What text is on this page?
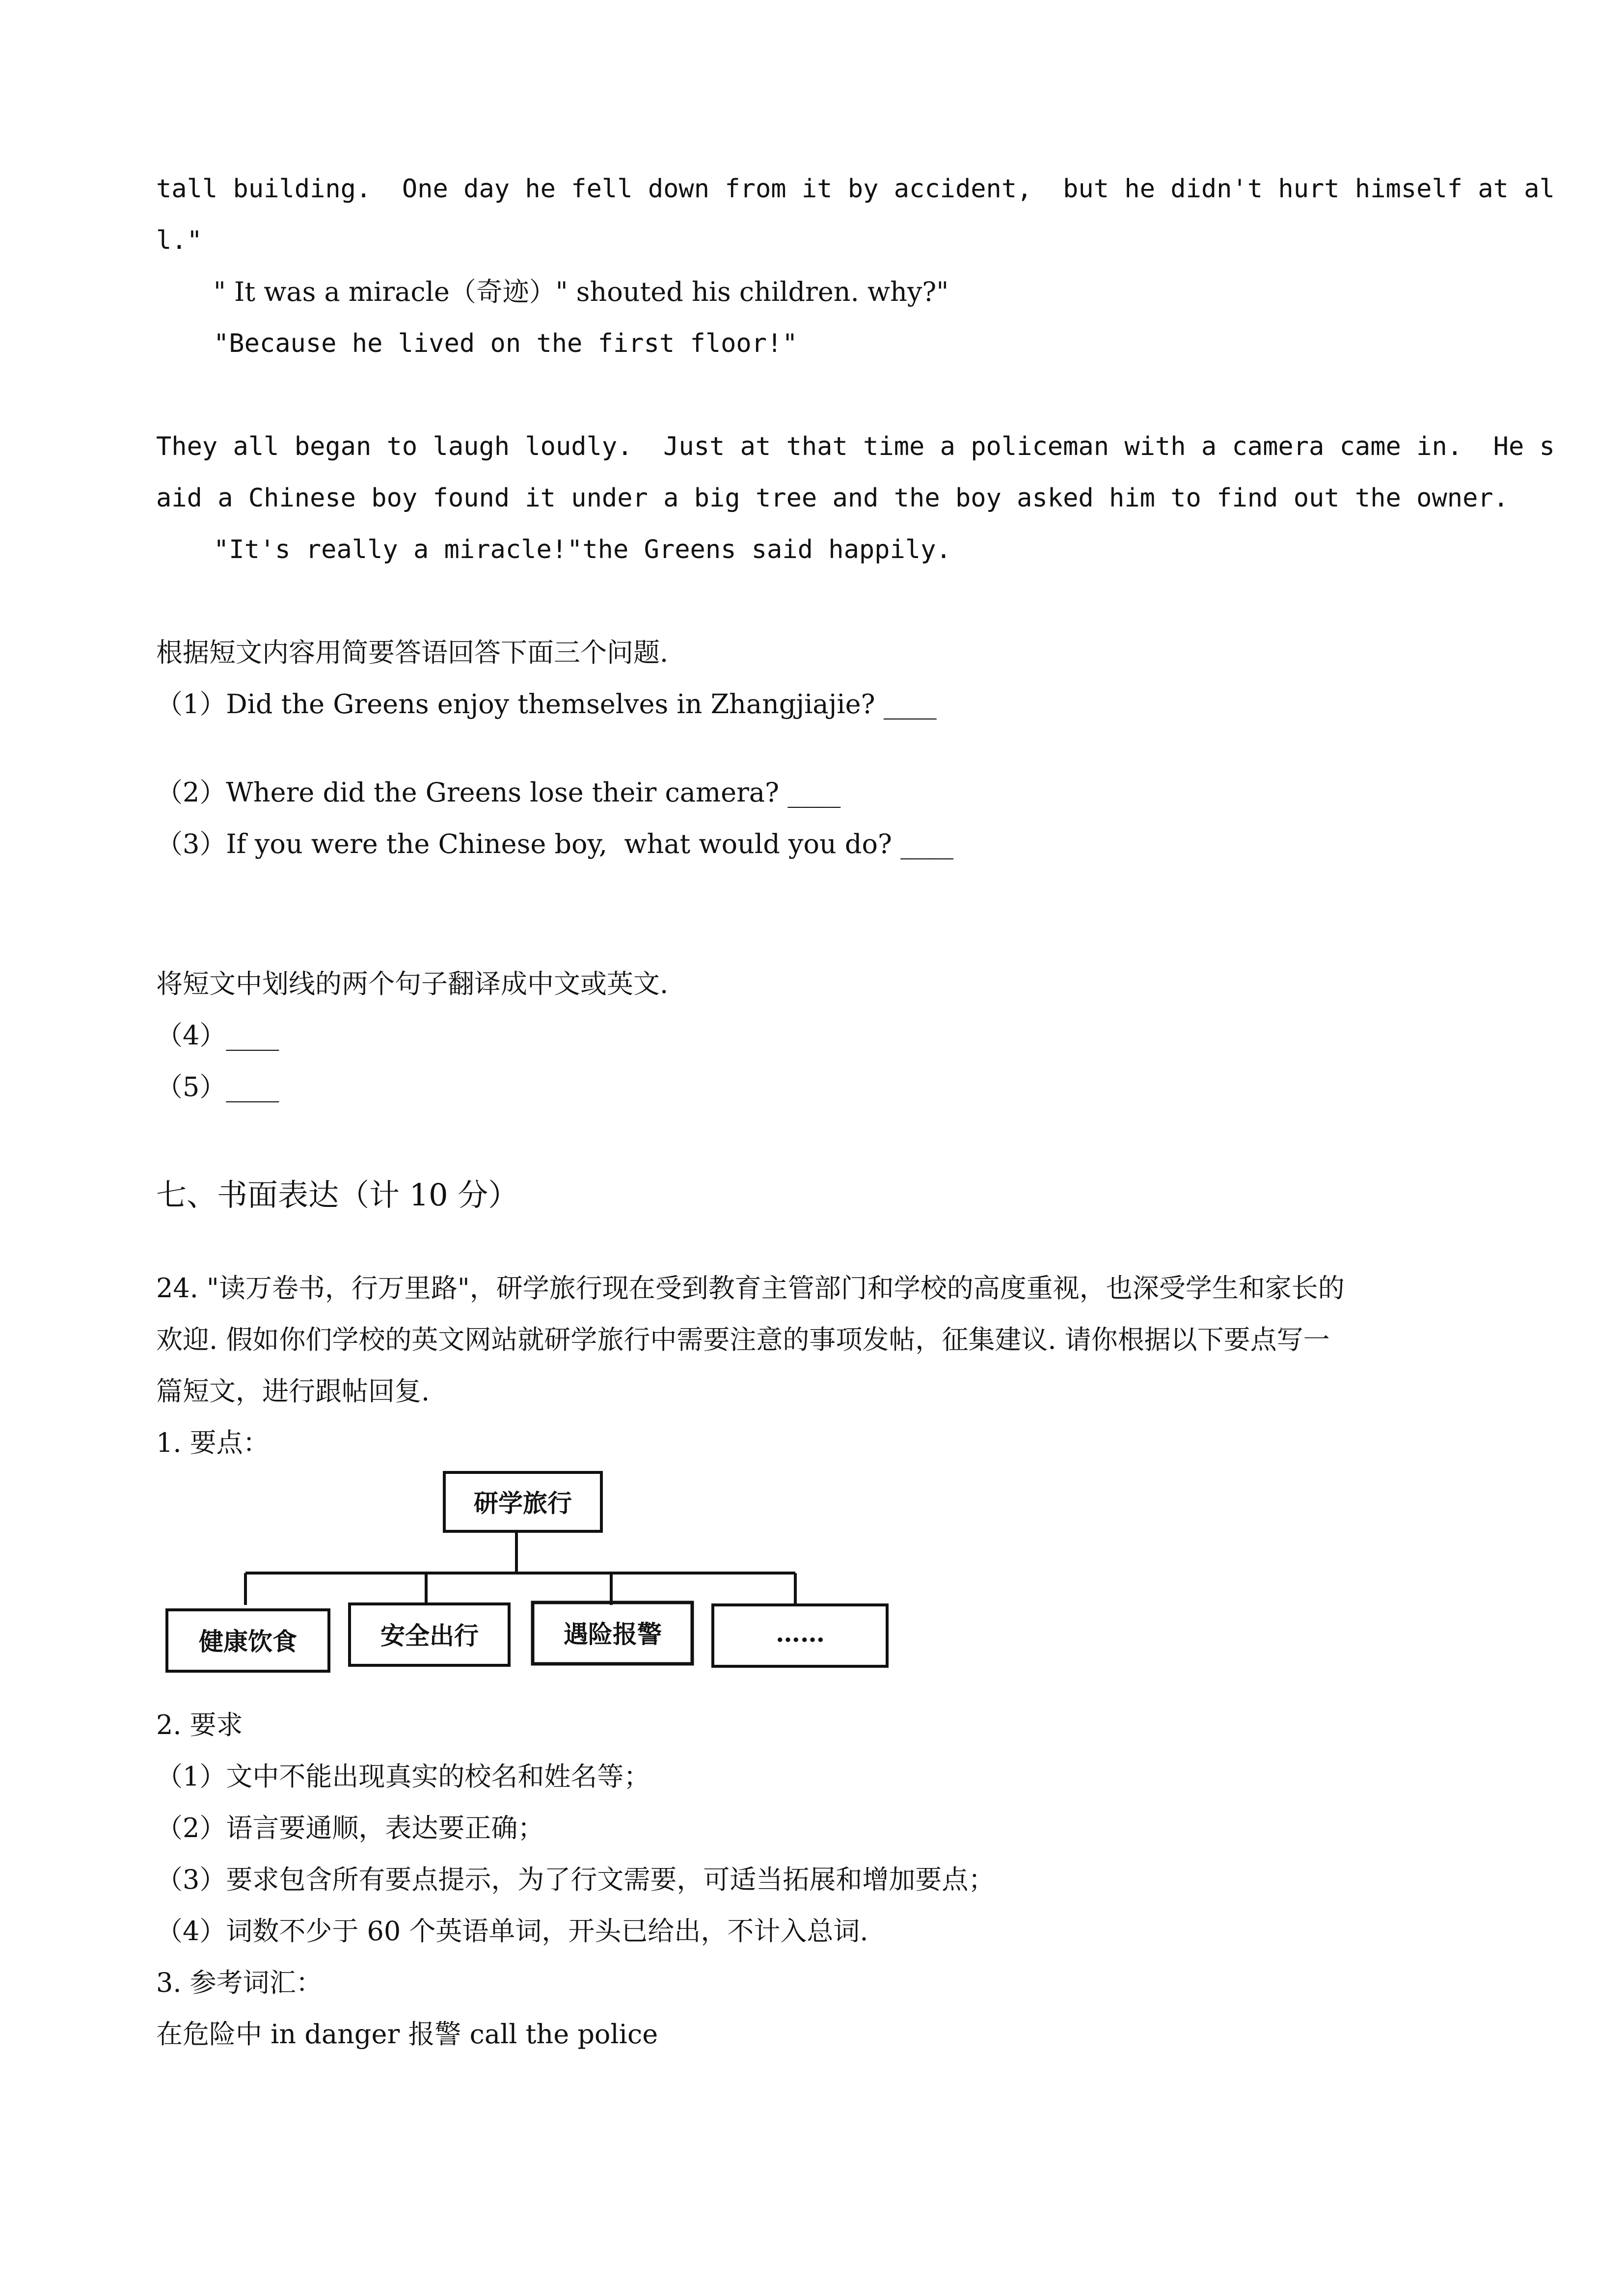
tall building.  One day he fell down from it by accident,  but he didn't hurt himself at al
l."
" It was a miracle（奇迹）" shouted his children. why?"
"Because he lived on the first floor!"
They all began to laugh loudly.  Just at that time a policeman with a camera came in.  He s
aid a Chinese boy found it under a big tree and the boy asked him to find out the owner.
"It's really a miracle!"the Greens said happily.
根据短文内容用简要答语回答下面三个问题.
（1）Did the Greens enjoy themselves in Zhangjiajie? ____
（2）Where did the Greens lose their camera? ____
（3）If you were the Chinese boy,  what would you do? ____
将短文中划线的两个句子翻译成中文或英文.
（4）____
（5）____
七、书面表达（计 10 分）
24. "读万卷书，行万里路"，研学旅行现在受到教育主管部门和学校的高度重视，也深受学生和家长的
欢迎. 假如你们学校的英文网站就研学旅行中需要注意的事项发帖，征集建议. 请你根据以下要点写一
篇短文，进行跟帖回复.
1. 要点：
研学旅行
健康饮食	安全出行	遇险报警	……
2. 要求
（1）文中不能出现真实的校名和姓名等；
（2）语言要通顺，表达要正确；
（3）要求包含所有要点提示，为了行文需要，可适当拓展和增加要点；
（4）词数不少于 60 个英语单词，开头已给出，不计入总词.
3. 参考词汇：
在危险中 in danger 报警 call the police
